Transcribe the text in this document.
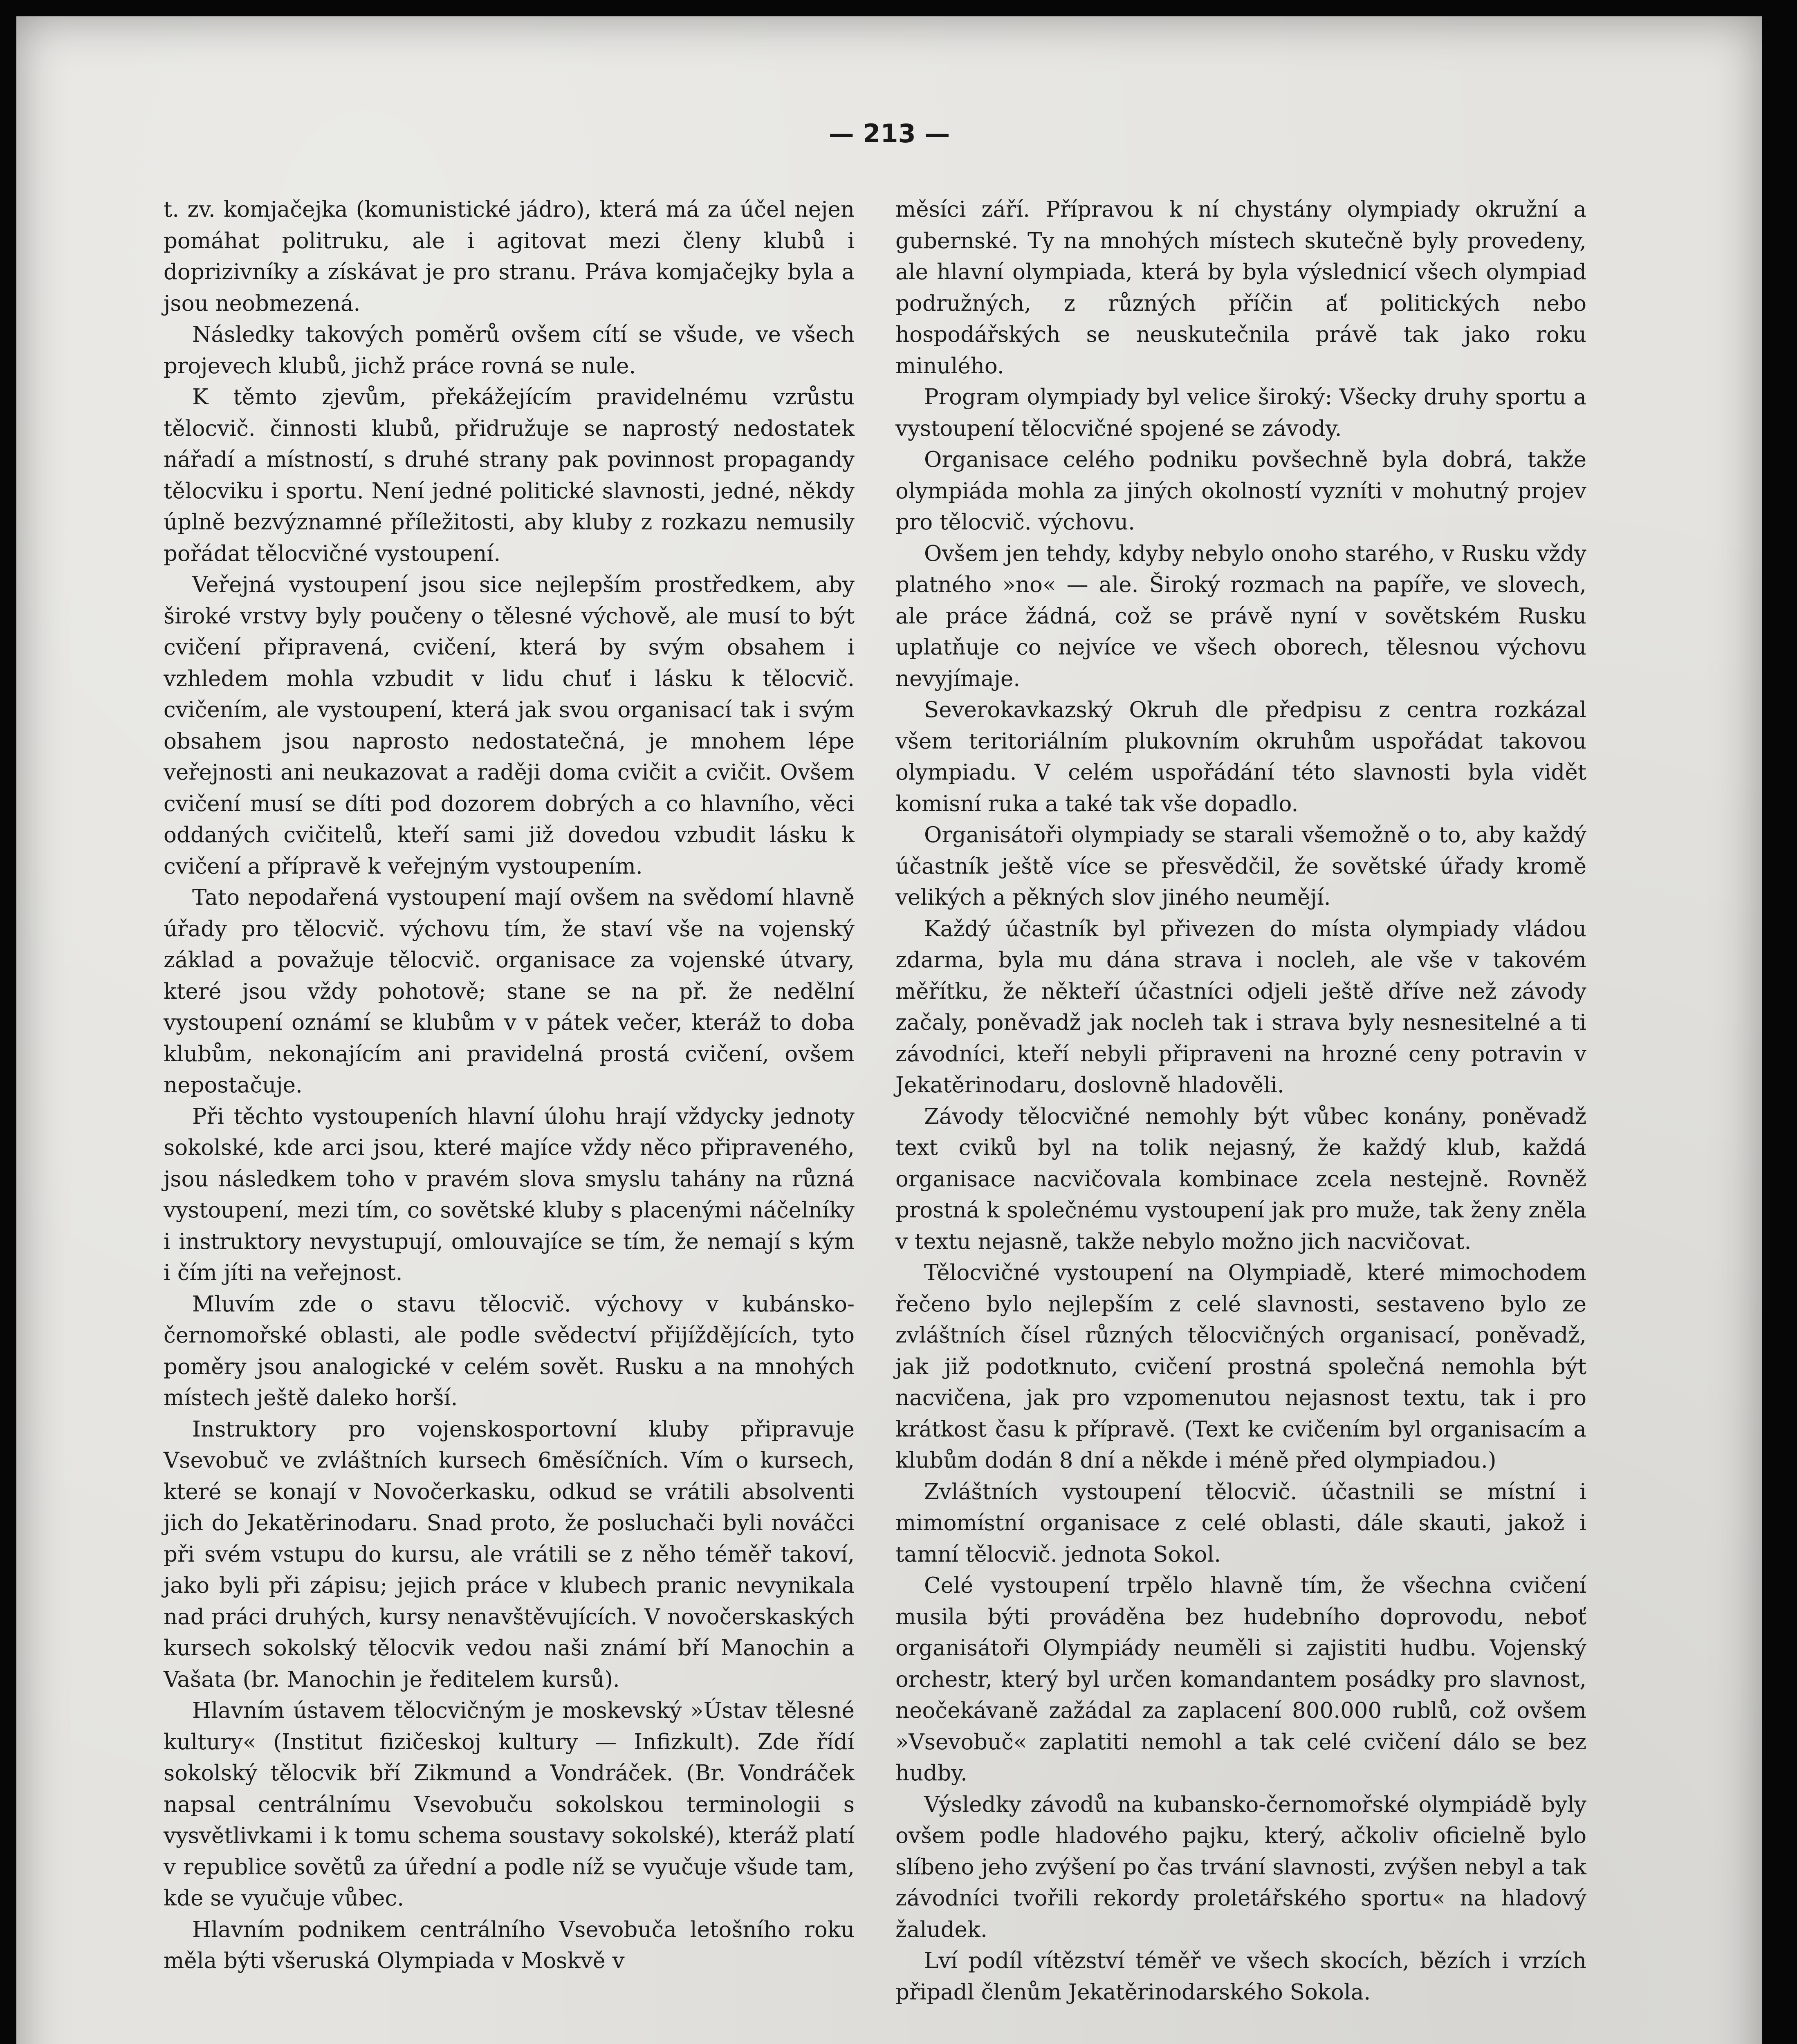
— 213 —

t. zv. komjačejka (komunistické jádro), která má za účel nejen pomáhat politruku, ale i agitovat mezi členy klubů i doprizivníky a získávat je pro stranu. Práva komjačejky byla a jsou neobmezená.

Následky takových poměrů ovšem cítí se všude, ve všech projevech klubů, jichž práce rovná se nule.

K těmto zjevům, překážejícím pravidelnému vzrůstu tělocvič. činnosti klubů, přidružuje se naprostý nedostatek nářadí a místností, s druhé strany pak povinnost propagandy tělocviku i sportu. Není jedné politické slavnosti, jedné, někdy úplně bezvýznamné příležitosti, aby kluby z rozkazu nemusily pořádat tělocvičné vystoupení.

Veřejná vystoupení jsou sice nejlepším prostředkem, aby široké vrstvy byly poučeny o tělesné výchově, ale musí to být cvičení připravená, cvičení, která by svým obsahem i vzhledem mohla vzbudit v lidu chuť i lásku k tělocvič. cvičením, ale vystoupení, která jak svou organisací tak i svým obsahem jsou naprosto nedostatečná, je mnohem lépe veřejnosti ani neukazovat a raději doma cvičit a cvičit. Ovšem cvičení musí se díti pod dozorem dobrých a co hlavního, věci oddaných cvičitelů, kteří sami již dovedou vzbudit lásku k cvičení a přípravě k veřejným vystoupením.

Tato nepodařená vystoupení mají ovšem na svědomí hlavně úřady pro tělocvič. výchovu tím, že staví vše na vojenský základ a považuje tělocvič. organisace za vojenské útvary, které jsou vždy pohotově; stane se na př. že nedělní vystoupení oznámí se klubům v v pátek večer, kteráž to doba klubům, nekonajícím ani pravidelná prostá cvičení, ovšem nepostačuje.

Při těchto vystoupeních hlavní úlohu hrají vždycky jednoty sokolské, kde arci jsou, které majíce vždy něco připraveného, jsou následkem toho v pravém slova smyslu tahány na různá vystoupení, mezi tím, co sovětské kluby s placenými náčelníky i instruktory nevystupují, omlouvajíce se tím, že nemají s kým i čím jíti na veřejnost.

Mluvím zde o stavu tělocvič. výchovy v kubánsko-černomořské oblasti, ale podle svědectví přijíždějících, tyto poměry jsou analogické v celém sovět. Rusku a na mnohých místech ještě daleko horší.

Instruktory pro vojenskosportovní kluby připravuje Vsevobuč ve zvláštních kursech 6měsíčních. Vím o kursech, které se konají v Novočerkasku, odkud se vrátili absolventi jich do Jekatěrinodaru. Snad proto, že posluchači byli nováčci při svém vstupu do kursu, ale vrátili se z něho téměř takoví, jako byli při zápisu; jejich práce v klubech pranic nevynikala nad práci druhých, kursy nenavštěvujících. V novočerskaských kursech sokolský tělocvik vedou naši známí bří Manochin a Vašata (br. Manochin je ředitelem kursů).

Hlavním ústavem tělocvičným je moskevský »Ústav tělesné kultury« (Institut fizičeskoj kultury — Infizkult). Zde řídí sokolský tělocvik bří Zikmund a Vondráček. (Br. Vondráček napsal centrálnímu Vsevobuču sokolskou terminologii s vysvětlivkami i k tomu schema soustavy sokolské), kteráž platí v republice sovětů za úřední a podle níž se vyučuje všude tam, kde se vyučuje vůbec.

Hlavním podnikem centrálního Vsevobuča letošního roku měla býti všeruská Olympiada v Moskvě v

měsíci září. Přípravou k ní chystány olympiady okružní a gubernské. Ty na mnohých místech skutečně byly provedeny, ale hlavní olympiada, která by byla výslednicí všech olympiad podružných, z různých příčin ať politických nebo hospodářských se neuskutečnila právě tak jako roku minulého.

Program olympiady byl velice široký: Všecky druhy sportu a vystoupení tělocvičné spojené se závody.

Organisace celého podniku povšechně byla dobrá, takže olympiáda mohla za jiných okolností vyzníti v mohutný projev pro tělocvič. výchovu.

Ovšem jen tehdy, kdyby nebylo onoho starého, v Rusku vždy platného »no« — ale. Široký rozmach na papíře, ve slovech, ale práce žádná, což se právě nyní v sovětském Rusku uplatňuje co nejvíce ve všech oborech, tělesnou výchovu nevyjímaje.

Severokavkazský Okruh dle předpisu z centra rozkázal všem teritoriálním plukovním okruhům uspořádat takovou olympiadu. V celém uspořádání této slavnosti byla vidět komisní ruka a také tak vše dopadlo.

Organisátoři olympiady se starali všemožně o to, aby každý účastník ještě více se přesvědčil, že sovětské úřady kromě velikých a pěkných slov jiného neumějí.

Každý účastník byl přivezen do místa olympiady vládou zdarma, byla mu dána strava i nocleh, ale vše v takovém měřítku, že někteří účastníci odjeli ještě dříve než závody začaly, poněvadž jak nocleh tak i strava byly nesnesitelné a ti závodníci, kteří nebyli připraveni na hrozné ceny potravin v Jekatěrinodaru, doslovně hladověli.

Závody tělocvičné nemohly být vůbec konány, poněvadž text cviků byl na tolik nejasný, že každý klub, každá organisace nacvičovala kombinace zcela nestejně. Rovněž prostná k společnému vystoupení jak pro muže, tak ženy zněla v textu nejasně, takže nebylo možno jich nacvičovat.

Tělocvičné vystoupení na Olympiadě, které mimochodem řečeno bylo nejlepším z celé slavnosti, sestaveno bylo ze zvláštních čísel různých tělocvičných organisací, poněvadž, jak již podotknuto, cvičení prostná společná nemohla být nacvičena, jak pro vzpomenutou nejasnost textu, tak i pro krátkost času k přípravě. (Text ke cvičením byl organisacím a klubům dodán 8 dní a někde i méně před olympiadou.)

Zvláštních vystoupení tělocvič. účastnili se místní i mimomístní organisace z celé oblasti, dále skauti, jakož i tamní tělocvič. jednota Sokol.

Celé vystoupení trpělo hlavně tím, že všechna cvičení musila býti prováděna bez hudebního doprovodu, neboť organisátoři Olympiády neuměli si zajistiti hudbu. Vojenský orchestr, který byl určen komandantem posádky pro slavnost, neočekávaně zažádal za zaplacení 800.000 rublů, což ovšem »Vsevobuč« zaplatiti nemohl a tak celé cvičení dálo se bez hudby.

Výsledky závodů na kubansko-černomořské olympiádě byly ovšem podle hladového pajku, který, ačkoliv oficielně bylo slíbeno jeho zvýšení po čas trvání slavnosti, zvýšen nebyl a tak závodníci tvořili rekordy proletářského sportu« na hladový žaludek.

Lví podíl vítězství téměř ve všech skocích, bězích i vrzích připadl členům Jekatěrinodarského Sokola.
